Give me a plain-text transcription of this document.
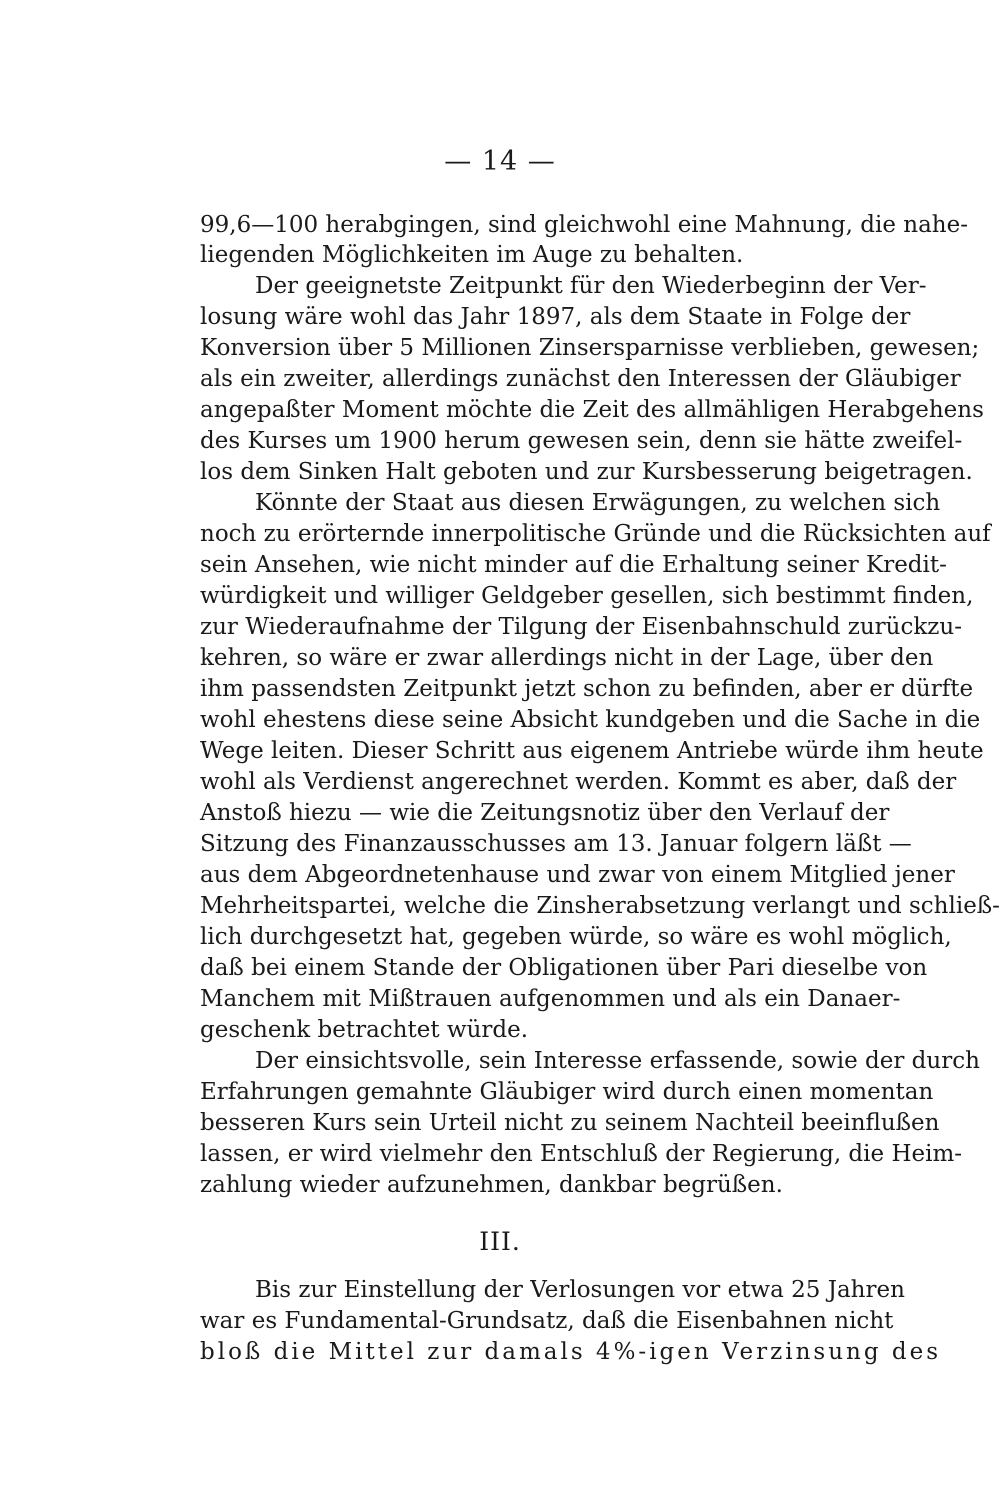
— 14 —
99,6—100 herabgingen, sind gleichwohl eine Mahnung, die nahe-
liegenden Möglichkeiten im Auge zu behalten.
Der geeignetste Zeitpunkt für den Wiederbeginn der Ver-
losung wäre wohl das Jahr 1897, als dem Staate in Folge der
Konversion über 5 Millionen Zinsersparnisse verblieben, gewesen;
als ein zweiter, allerdings zunächst den Interessen der Gläubiger
angepaßter Moment möchte die Zeit des allmähligen Herabgehens
des Kurses um 1900 herum gewesen sein, denn sie hätte zweifel-
los dem Sinken Halt geboten und zur Kursbesserung beigetragen.
Könnte der Staat aus diesen Erwägungen, zu welchen sich
noch zu erörternde innerpolitische Gründe und die Rücksichten auf
sein Ansehen, wie nicht minder auf die Erhaltung seiner Kredit-
würdigkeit und williger Geldgeber gesellen, sich bestimmt finden,
zur Wiederaufnahme der Tilgung der Eisenbahnschuld zurückzu-
kehren, so wäre er zwar allerdings nicht in der Lage, über den
ihm passendsten Zeitpunkt jetzt schon zu befinden, aber er dürfte
wohl ehestens diese seine Absicht kundgeben und die Sache in die
Wege leiten. Dieser Schritt aus eigenem Antriebe würde ihm heute
wohl als Verdienst angerechnet werden. Kommt es aber, daß der
Anstoß hiezu — wie die Zeitungsnotiz über den Verlauf der
Sitzung des Finanzausschusses am 13. Januar folgern läßt —
aus dem Abgeordnetenhause und zwar von einem Mitglied jener
Mehrheitspartei, welche die Zinsherabsetzung verlangt und schließ-
lich durchgesetzt hat, gegeben würde, so wäre es wohl möglich,
daß bei einem Stande der Obligationen über Pari dieselbe von
Manchem mit Mißtrauen aufgenommen und als ein Danaer-
geschenk betrachtet würde.
Der einsichtsvolle, sein Interesse erfassende, sowie der durch
Erfahrungen gemahnte Gläubiger wird durch einen momentan
besseren Kurs sein Urteil nicht zu seinem Nachteil beeinflußen
lassen, er wird vielmehr den Entschluß der Regierung, die Heim-
zahlung wieder aufzunehmen, dankbar begrüßen.
III.
Bis zur Einstellung der Verlosungen vor etwa 25 Jahren
war es Fundamental-Grundsatz, daß die Eisenbahnen nicht
bloß die Mittel zur damals 4%-igen Verzinsung des
